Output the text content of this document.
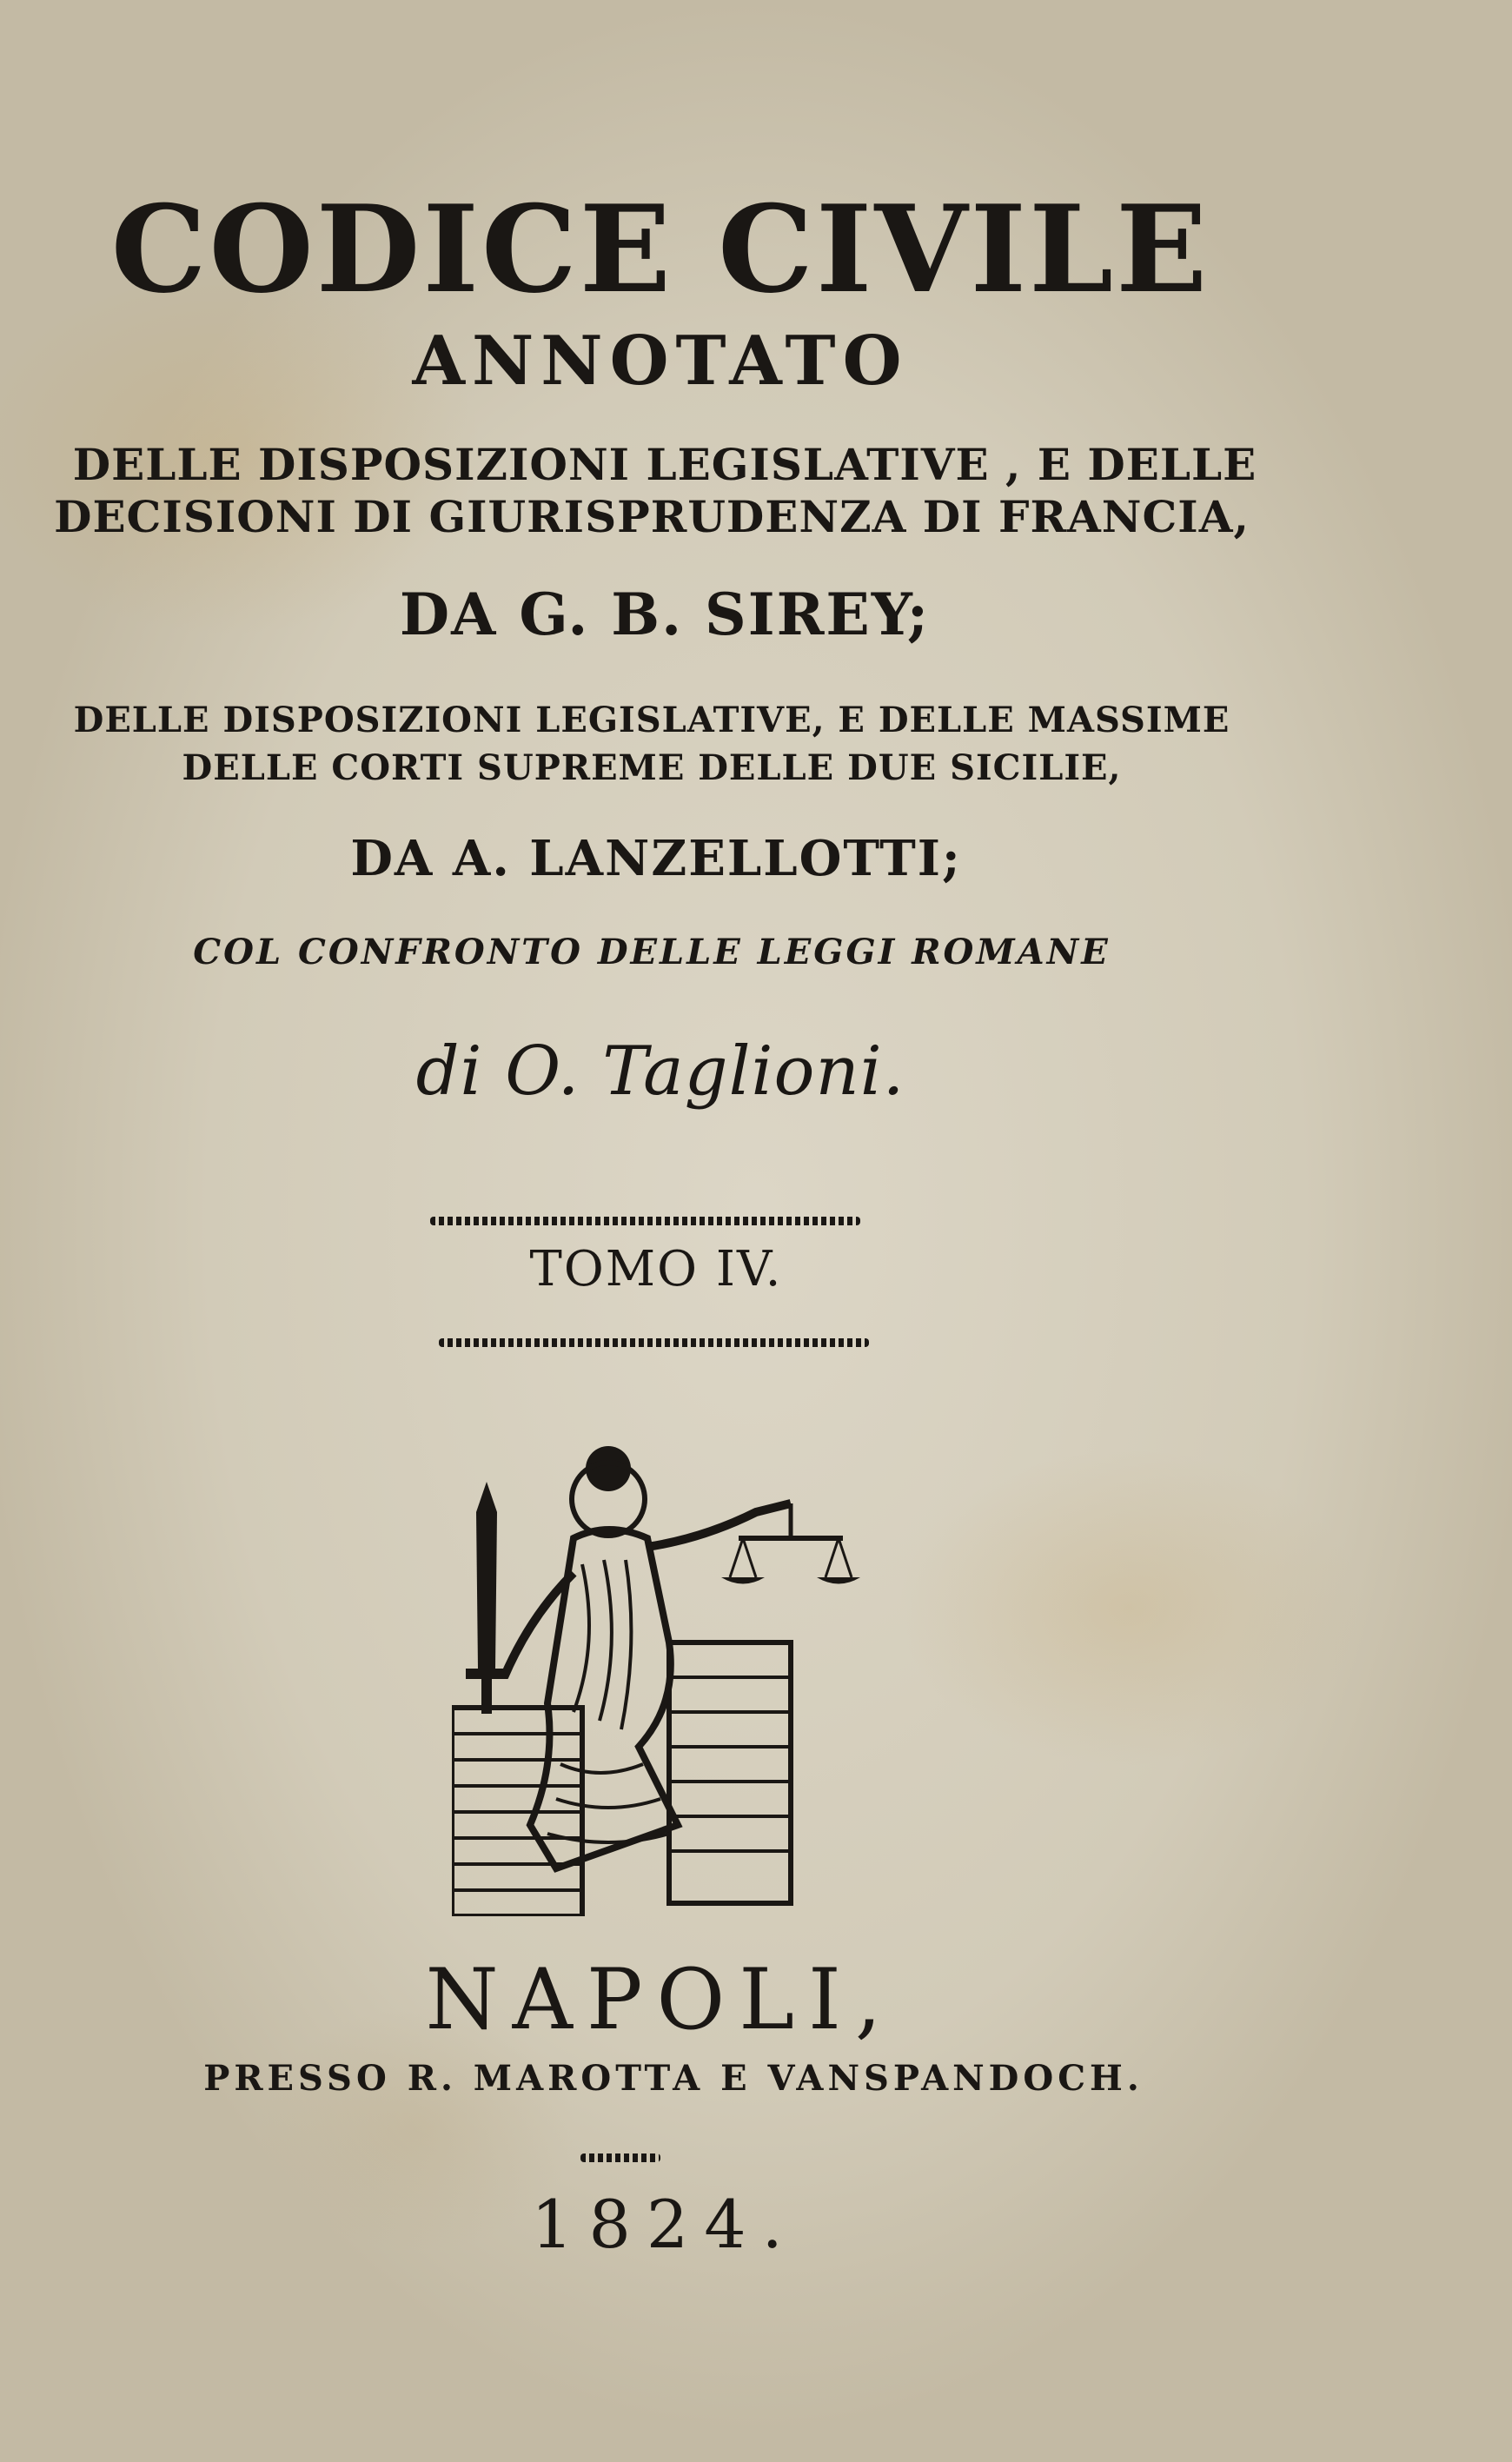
CODICE CIVILE

ANNOTATO

DELLE DISPOSIZIONI LEGISLATIVE , E DELLE

DECISIONI DI GIURISPRUDENZA DI FRANCIA,

DA G. B. SIREY;

DELLE DISPOSIZIONI LEGISLATIVE, E DELLE MASSIME

DELLE CORTI SUPREME DELLE DUE SICILIE,

DA A. LANZELLOTTI;

COL CONFRONTO DELLE LEGGI ROMANE

di O. Taglioni.

TOMO IV.

NAPOLI,

PRESSO R. MAROTTA E VANSPANDOCH.

1824.
